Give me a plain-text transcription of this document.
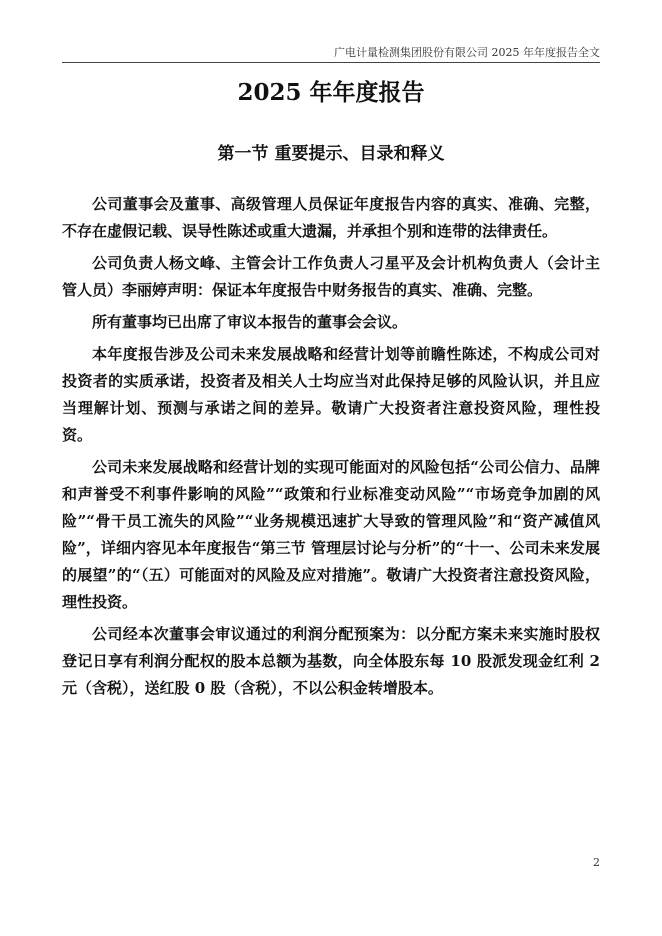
广电计量检测集团股份有限公司 2025 年年度报告全文
2025 年年度报告
第一节 重要提示、目录和释义

公司董事会及董事、高级管理人员保证年度报告内容的真实、准确、完整，不存在虚假记载、误导性陈述或重大遗漏，并承担个别和连带的法律责任。

公司负责人杨文峰、主管会计工作负责人刁星平及会计机构负责人（会计主管人员）李丽婷声明：保证本年度报告中财务报告的真实、准确、完整。

所有董事均已出席了审议本报告的董事会会议。

本年度报告涉及公司未来发展战略和经营计划等前瞻性陈述，不构成公司对投资者的实质承诺，投资者及相关人士均应当对此保持足够的风险认识，并且应当理解计划、预测与承诺之间的差异。敬请广大投资者注意投资风险，理性投资。

公司未来发展战略和经营计划的实现可能面对的风险包括“公司公信力、品牌和声誉受不利事件影响的风险”“政策和行业标准变动风险”“市场竞争加剧的风险”“骨干员工流失的风险”“业务规模迅速扩大导致的管理风险”和“资产减值风险”，详细内容见本年度报告“第三节 管理层讨论与分析”的“十一、公司未来发展的展望”的“（五）可能面对的风险及应对措施”。敬请广大投资者注意投资风险，理性投资。

公司经本次董事会审议通过的利润分配预案为：以分配方案未来实施时股权登记日享有利润分配权的股本总额为基数，向全体股东每 10 股派发现金红利 2 元（含税），送红股 0 股（含税），不以公积金转增股本。

2
